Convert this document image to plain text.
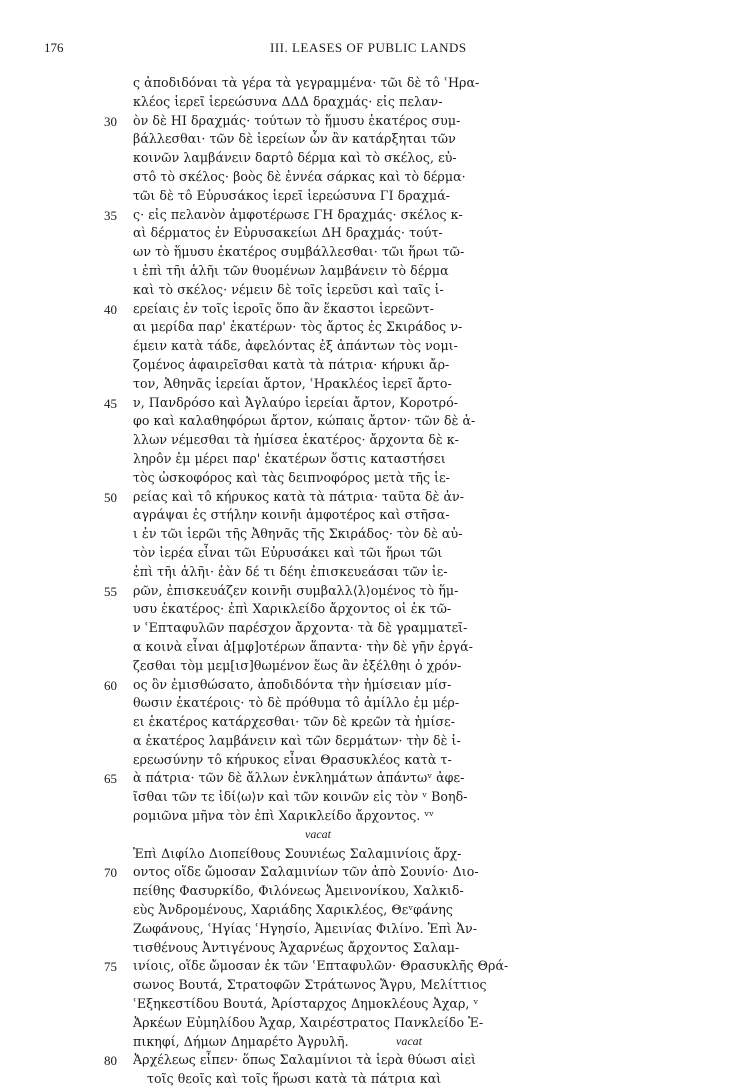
176	III. LEASES OF PUBLIC LANDS
ς ἀποδιδόναι τὰ γέρα τὰ γεγραμμένα· τῶι δὲ τô ʿΗρα-
κλέος ἱερεῖ ἱερεώσυνα ΔΔΔ δραχμάς· εἰς πελαν-
30	ὸν δὲ ΗΙ δραχμάς· τούτων τὸ ἥμυσυ ἑκατέρος συμ-
βάλλεσθαι· τῶν δὲ ἱερείων ὧν ἂν κατάρξηται τῶν
κοινῶν λαμβάνειν δαρτô δέρμα καὶ τὸ σκέλος, εὐ-
στô τὸ σκέλος· βοὸς δὲ ἐννέα σάρκας καὶ τὸ δέρμα·
τῶι δὲ τô Εὐρυσάκος ἱερεῖ ἱερεώσυνα ΓΙ δραχμά-
35	ς· εἰς πελανὸν ἀμφοτέρωσε ΓΗ δραχμάς· σκέλος κ-
αὶ δέρματος ἐν Εὐρυσακείωι ΔΗ δραχμάς· τούτ-
ων τὸ ἥμυσυ ἑκατέρος συμβάλλεσθαι· τῶι ἥρωι τῶ-
ι ἐπὶ τῆι ἁλῆι τῶν θυομένων λαμβάνειν τὸ δέρμα
καὶ τὸ σκέλος· νέμειν δὲ τοῖς ἱερεῦσι καὶ ταῖς ἱ-
40	ερείαις ἐν τοῖς ἱεροῖς ὅπο ἂν ἕκαστοι ἱερεῶντ-
αι μερίδα παρ' ἑκατέρων· τὸς ἄρτος ἐς Σκιράδος ν-
έμειν κατὰ τάδε, ἀφελόντας ἐξ ἁπάντων τὸς νομι-
ζομένος ἀφαιρεῖσθαι κατὰ τὰ πάτρια· κήρυκι ἄρ-
τον, Ἀθηνᾶς ἱερείαι ἄρτον, ʿΗρακλέος ἱερεῖ ἄρτο-
45	ν, Πανδρόσο καὶ Ἀγλαύρο ἱερείαι ἄρτον, Κοροτρό-
φο καὶ καλαθηφόρωι ἄρτον, κώπαις ἄρτον· τῶν δὲ ἀ-
λλων νέμεσθαι τὰ ἡμίσεα ἑκατέρος· ἄρχοντα δὲ κ-
ληρôν ἐμ μέρει παρ' ἑκατέρων ὅστις καταστήσει
τὸς ὠσκοφόρος καὶ τὰς δειπνοφόρος μετὰ τῆς ἱε-
50	ρείας καὶ τô κήρυκος κατὰ τὰ πάτρια· ταῦτα δὲ ἀν-
αγράψαι ἐς στήλην κοινῆι ἀμφοτέρος καὶ στῆσα-
ι ἐν τῶι ἱερῶι τῆς Ἀθηνᾶς τῆς Σκιράδος· τὸν δὲ αὐ-
τὸν ἱερέα εἶναι τῶι Εὐρυσάκει καὶ τῶι ἥρωι τῶι
ἐπὶ τῆι ἁλῆι· ἐὰν δέ τι δέηι ἐπισκευεάσαι τῶν ἱε-
55	ρῶν, ἐπισκευάζεν κοινῆι συμβαλλ⟨λ⟩ομένος τὸ ἥμ-
υσυ ἑκατέρος· ἐπὶ Χαρικλείδο ἄρχοντος οἱ ἐκ τῶ-
ν ʿΕπταφυλῶν παρέσχον ἄρχοντα· τὰ δὲ γραμματεῖ-
α κοινὰ εἶναι ἀ[μφ]οτέρων ἅπαντα· τὴν δὲ γῆν ἐργά-
ζεσθαι τὸμ μεμ[ισ]θωμένον ἕως ἂν ἐξέλθηι ὁ χρόν-
60	ος ὃν ἐμισθώσατο, ἀποδιδόντα τὴν ἡμίσειαν μίσ-
θωσιν ἑκατέροις· τὸ δὲ πρόθυμα τô ἀμίλλο ἐμ μέρ-
ει ἑκατέρος κατάρχεσθαι· τῶν δὲ κρεῶν τὰ ἡμίσε-
α ἑκατέρος λαμβάνειν καὶ τῶν δερμάτων· τὴν δὲ ἱ-
ερεωσύνην τô κήρυκος εἶναι Θρασυκλέος κατὰ τ-
65	ὰ πάτρια· τῶν δὲ ἄλλων ἐνκλημάτων ἀπάντωᵛ ἀφε-
ῖσθαι τῶν τε ἰδί⟨ω⟩ν καὶ τῶν κοινῶν εἰς τὸν ᵛ Βοηδ-
ρομιῶνα μῆνα τὸν ἐπὶ Χαρικλείδο ἄρχοντος. ᵛᵛ
vacat
Ἐπὶ Διφίλο Διοπείθους Σουνιέως Σαλαμινίοις ἄρχ-
70	οντος οἵδε ὤμοσαν Σαλαμινίων τῶν ἀπὸ Σουνίο· Διο-
πείθης Φασυρκίδο, Φιλόνεως Ἀμεινονίκου, Χαλκιδ-
εὺς Ἀνδρομένους, Χαριάδης Χαρικλέος, Θεᵛφάνης
Ζωφάνους, ʿΗγίας ʿΗγησίο, Ἀμεινίας Φιλίνο. Ἐπὶ Ἀν-
τισθένους Ἀντιγένους Ἀχαρνέως ἄρχοντος Σαλαμ-
75	ινίοις, οἵδε ὤμοσαν ἐκ τῶν ʿΕπταφυλῶν· Θρασυκλῆς Θρά-
σωνος Βουτά, Στρατοφῶν Στράτωνος Ἄγρυ, Μελίττιος
ʿΕξηκεστίδου Βουτά, Ἀρίσταρχος Δημοκλέους Ἀχαρ, ᵛ
Ἀρκέων Εὐμηλίδου Ἀχαρ, Χαιρέστρατος Πανκλείδο Ἐ-
πικηφί, Δήμων Δημαρέτο Ἀγρυλῆ.	vacat
80	Ἀρχέλεως εἶπεν· ὅπως Σαλαμίνιοι τὰ ἱερὰ θύωσι αἰεὶ
τοῖς θεοῖς καὶ τοῖς ἥρωσι κατὰ τὰ πάτρια καὶ
